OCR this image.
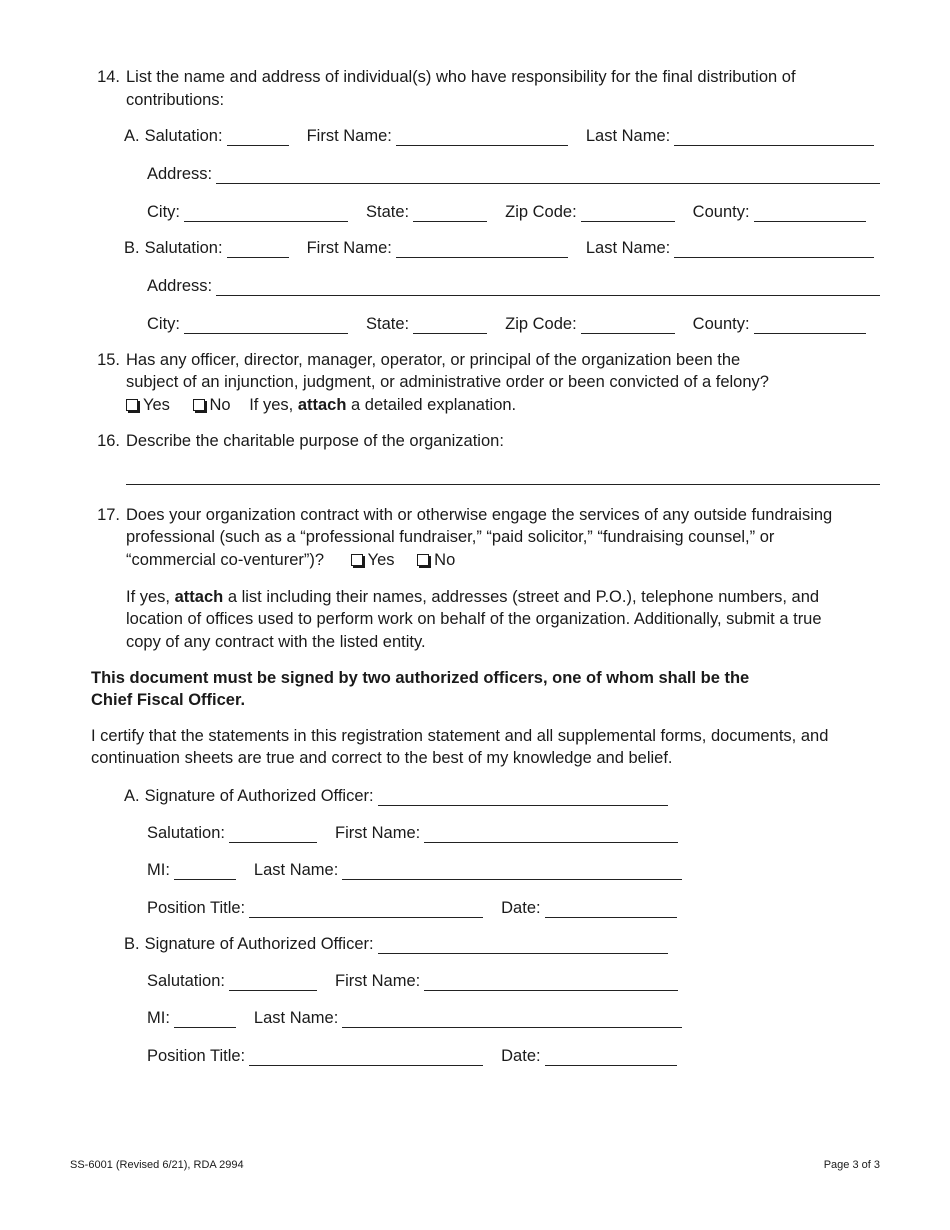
14. List the name and address of individual(s) who have responsibility for the final distribution of contributions:
A. Salutation:	First Name:	Last Name:
Address:
City:	State:	Zip Code:	County:
B. Salutation:	First Name:	Last Name:
Address:
City:	State:	Zip Code:	County:
15. Has any officer, director, manager, operator, or principal of the organization been the
subject of an injunction, judgment, or administrative order or been convicted of a felony?
Yes No If yes, attach a detailed explanation.
16. Describe the charitable purpose of the organization:
17. Does your organization contract with or otherwise engage the services of any outside fundraising
professional (such as a “professional fundraiser,” “paid solicitor,” “fundraising counsel,” or
“commercial co-venturer”)?	Yes No
If yes, attach a list including their names, addresses (street and P.O.), telephone numbers, and
location of offices used to perform work on behalf of the organization. Additionally, submit a true
copy of any contract with the listed entity.
This document must be signed by two authorized officers, one of whom shall be the
Chief Fiscal Officer.
I certify that the statements in this registration statement and all supplemental forms, documents, and
continuation sheets are true and correct to the best of my knowledge and belief.
A. Signature of Authorized Officer:
Salutation:	First Name:
MI:	Last Name:
Position Title:	Date:
B. Signature of Authorized Officer:
Salutation:	First Name:
MI:	Last Name:
Position Title:	Date:
SS-6001 (Revised 6/21), RDA 2994	Page 3 of 3
